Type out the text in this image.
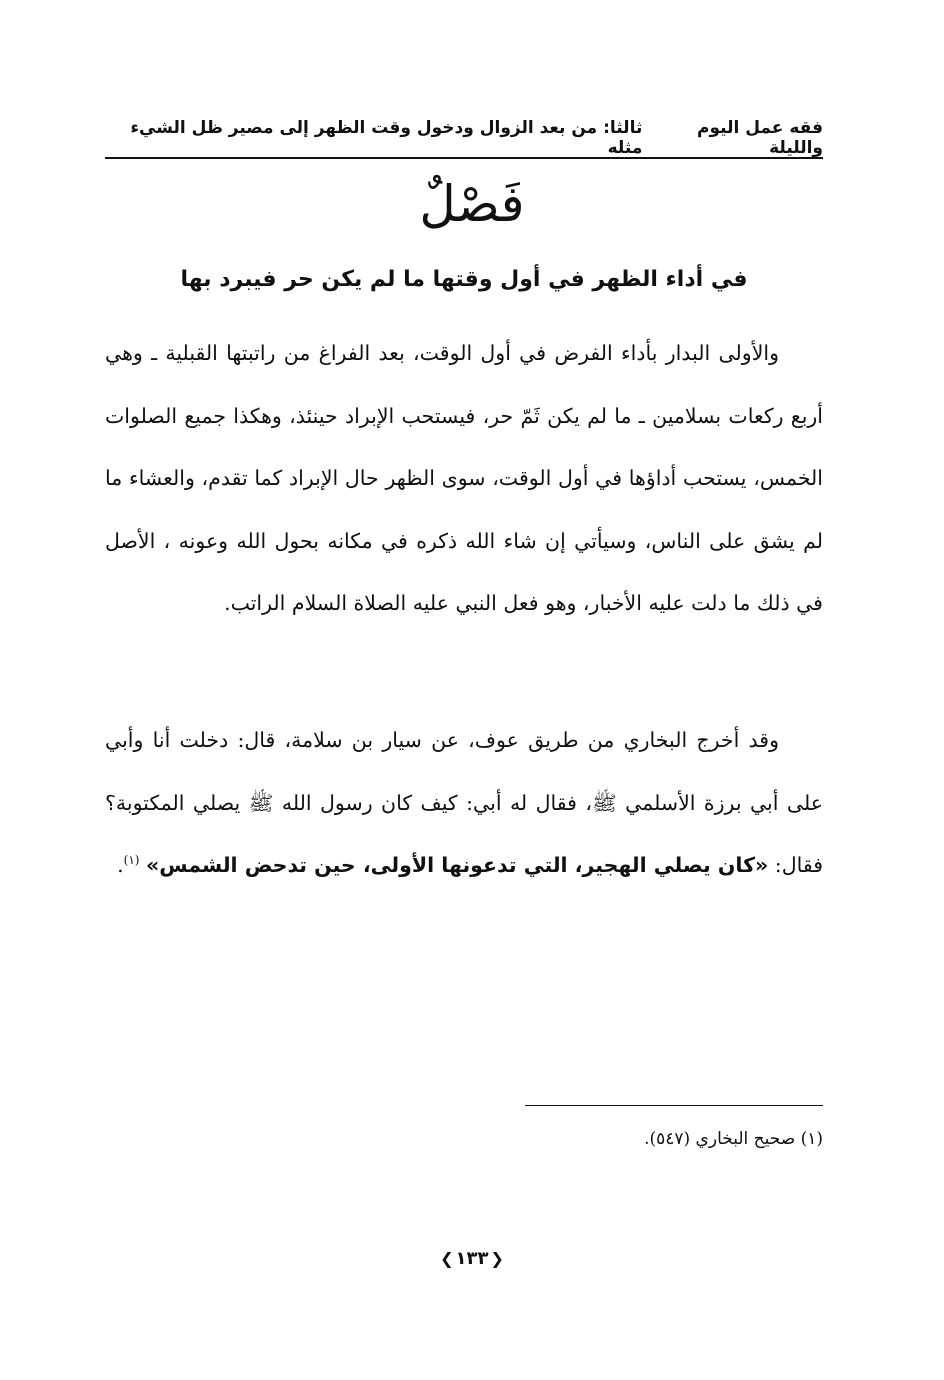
فقه عمل اليوم والليلة
ثالثا: من بعد الزوال ودخول وقت الظهر إلى مصير ظل الشيء مثله
فَصْلٌ
في أداء الظهر في أول وقتها ما لم يكن حر فيبرد بها

والأولى البدار بأداء الفرض في أول الوقت، بعد الفراغ من راتبتها القبلية ـ وهي أربع ركعات بسلامين ـ ما لم يكن ثَمّ حر، فيستحب الإبراد حينئذ، وهكذا جميع الصلوات الخمس، يستحب أداؤها في أول الوقت، سوى الظهر حال الإبراد كما تقدم، والعشاء ما لم يشق على الناس، وسيأتي إن شاء الله ذكره في مكانه بحول الله وعونه ، الأصل في ذلك ما دلت عليه الأخبار، وهو فعل النبي عليه الصلاة السلام الراتب.

وقد أخرج البخاري من طريق عوف، عن سيار بن سلامة، قال: دخلت أنا وأبي على أبي برزة الأسلمي ﷺ، فقال له أبي: كيف كان رسول الله ﷺ يصلي المكتوبة؟ فقال: «كان يصلي الهجير، التي تدعونها الأولى، حين تدحض الشمس» $^{(١)}$.

(١) صحيح البخاري (٥٤٧).
❮١٣٣❯
